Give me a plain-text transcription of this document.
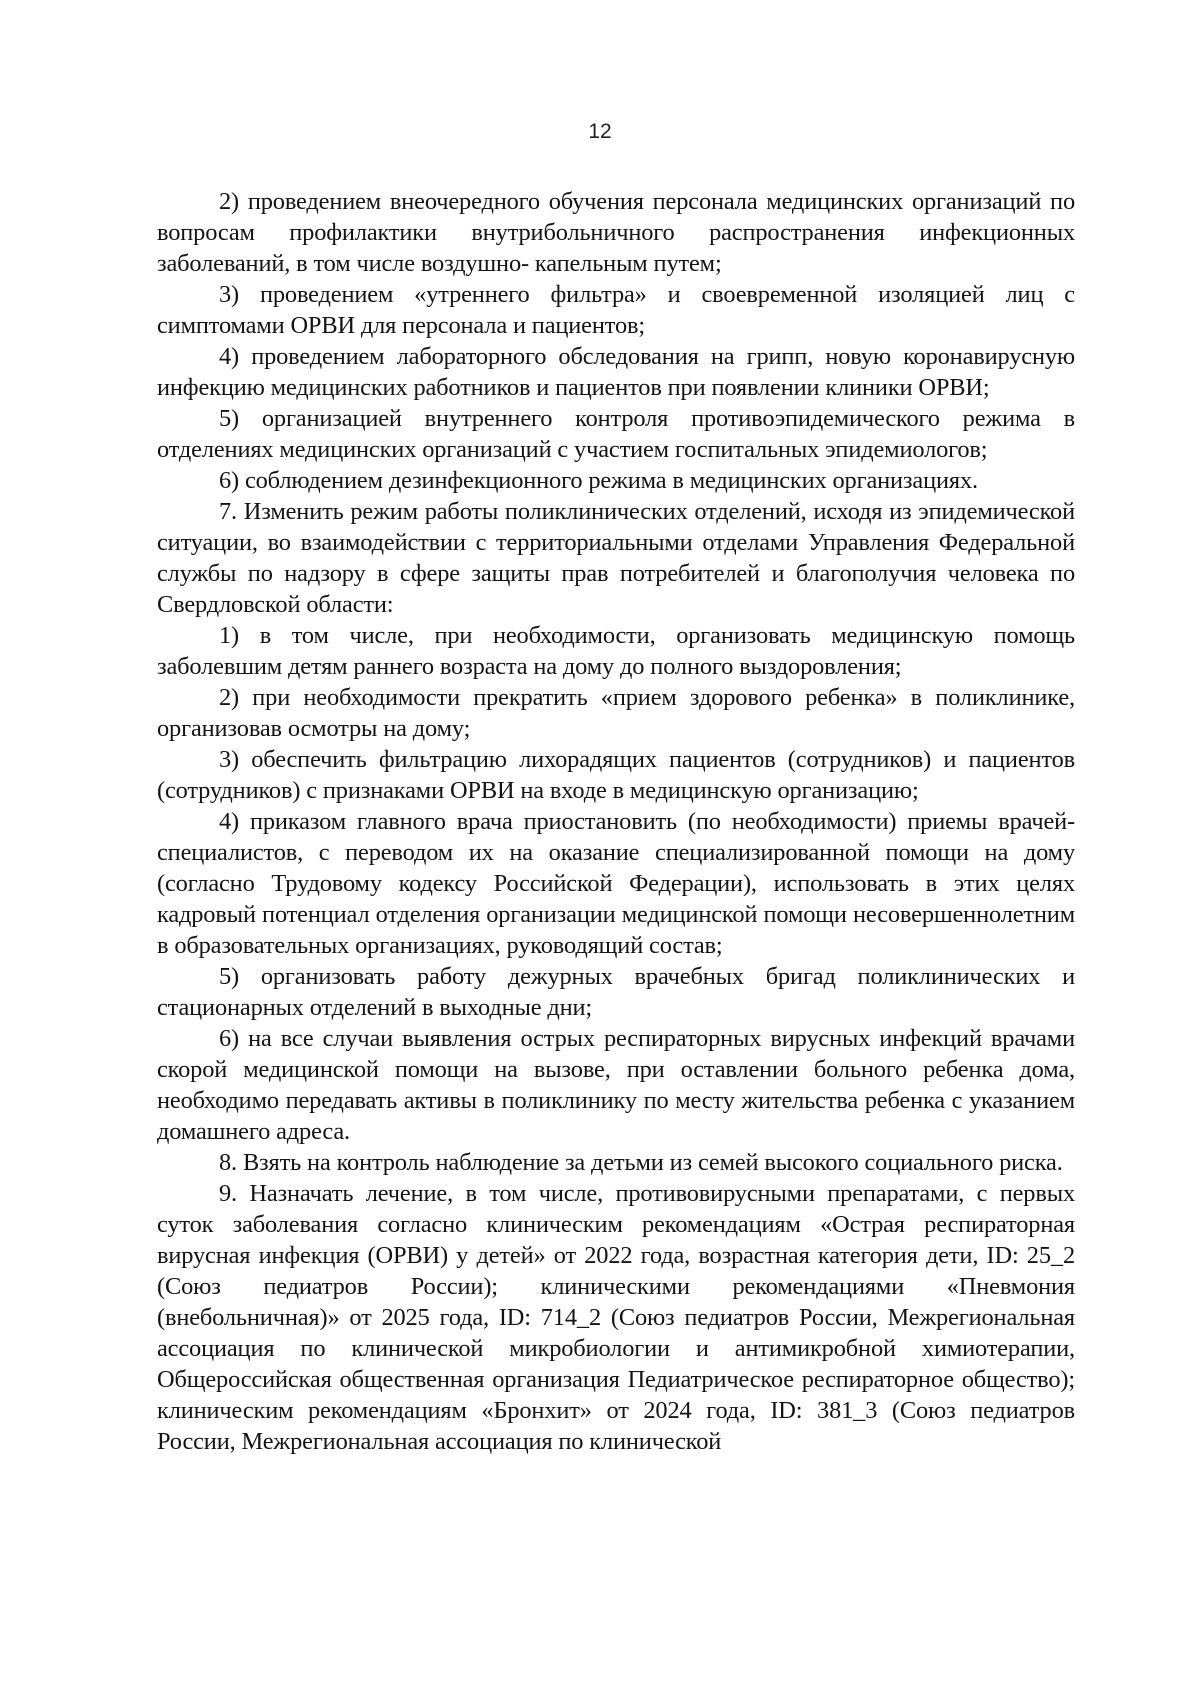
12

2) проведением внеочередного обучения персонала медицинских организаций по вопросам профилактики внутрибольничного распространения инфекционных заболеваний, в том числе воздушно- капельным путем;

3) проведением «утреннего фильтра» и своевременной изоляцией лиц с симптомами ОРВИ для персонала и пациентов;

4) проведением лабораторного обследования на грипп, новую коронавирусную инфекцию медицинских работников и пациентов при появлении клиники ОРВИ;

5) организацией внутреннего контроля противоэпидемического режима в отделениях медицинских организаций с участием госпитальных эпидемиологов;

6) соблюдением дезинфекционного режима в медицинских организациях.

7. Изменить режим работы поликлинических отделений, исходя из эпидемической ситуации, во взаимодействии с территориальными отделами Управления Федеральной службы по надзору в сфере защиты прав потребителей и благополучия человека по Свердловской области:

1) в том числе, при необходимости, организовать медицинскую помощь заболевшим детям раннего возраста на дому до полного выздоровления;

2) при необходимости прекратить «прием здорового ребенка» в поликлинике, организовав осмотры на дому;

3) обеспечить фильтрацию лихорадящих пациентов (сотрудников) и пациентов (сотрудников) с признаками ОРВИ на входе в медицинскую организацию;

4) приказом главного врача приостановить (по необходимости) приемы врачей-специалистов, с переводом их на оказание специализированной помощи на дому (согласно Трудовому кодексу Российской Федерации), использовать в этих целях кадровый потенциал отделения организации медицинской помощи несовершеннолетним в образовательных организациях, руководящий состав;

5) организовать работу дежурных врачебных бригад поликлинических и стационарных отделений в выходные дни;

6) на все случаи выявления острых респираторных вирусных инфекций врачами скорой медицинской помощи на вызове, при оставлении больного ребенка дома, необходимо передавать активы в поликлинику по месту жительства ребенка с указанием домашнего адреса.

8. Взять на контроль наблюдение за детьми из семей высокого социального риска.

9. Назначать лечение, в том числе, противовирусными препаратами, с первых суток заболевания согласно клиническим рекомендациям «Острая респираторная вирусная инфекция (ОРВИ) у детей» от 2022 года, возрастная категория дети, ID: 25_2 (Союз педиатров России); клиническими рекомендациями «Пневмония (внебольничная)» от 2025 года, ID: 714_2 (Союз педиатров России, Межрегиональная ассоциация по клинической микробиологии и антимикробной химиотерапии, Общероссийская общественная организация Педиатрическое респираторное общество); клиническим рекомендациям «Бронхит» от 2024 года, ID: 381_3 (Союз педиатров России, Межрегиональная ассоциация по клинической
